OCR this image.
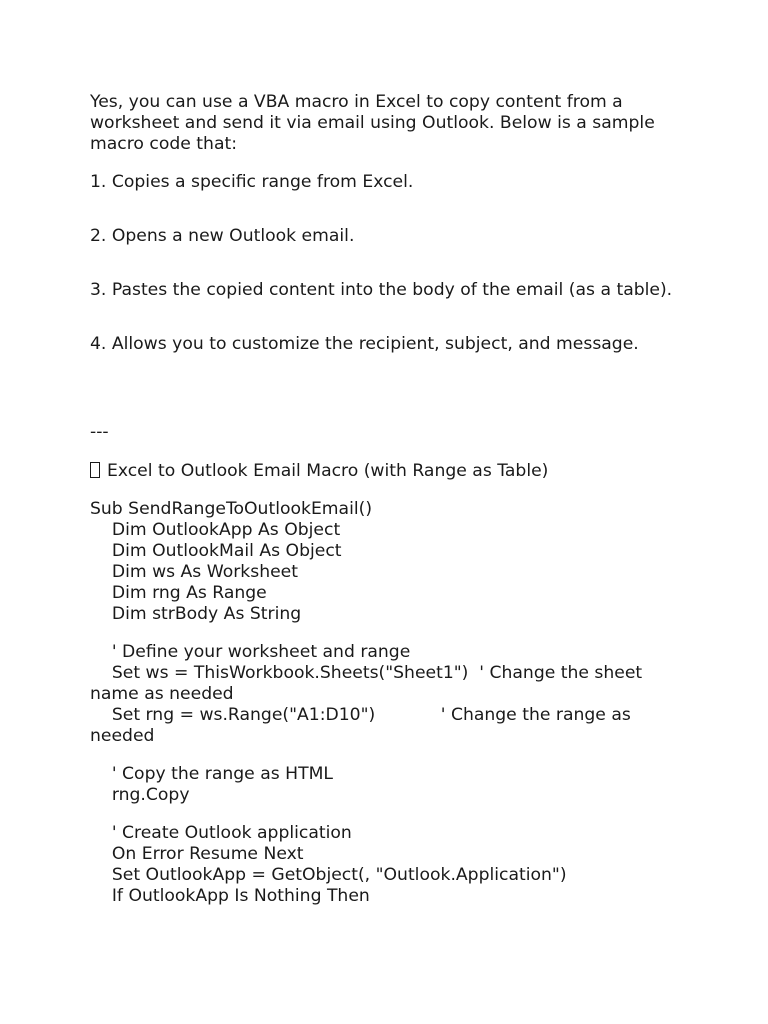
Yes, you can use a VBA macro in Excel to copy content from a worksheet and send it via email using Outlook. Below is a sample macro code that:

1. Copies a specific range from Excel.

2. Opens a new Outlook email.

3. Pastes the copied content into the body of the email (as a table).

4. Allows you to customize the recipient, subject, and message.

---

Excel to Outlook Email Macro (with Range as Table)

Sub SendRangeToOutlookEmail()

Dim OutlookApp As Object

Dim OutlookMail As Object

Dim ws As Worksheet

Dim rng As Range

Dim strBody As String

' Define your worksheet and range

Set ws = ThisWorkbook.Sheets("Sheet1")  ' Change the sheet name as needed

Set rng = ws.Range("A1:D10")            ' Change the range as needed

' Copy the range as HTML

rng.Copy

' Create Outlook application

On Error Resume Next

Set OutlookApp = GetObject(, "Outlook.Application")

If OutlookApp Is Nothing Then
